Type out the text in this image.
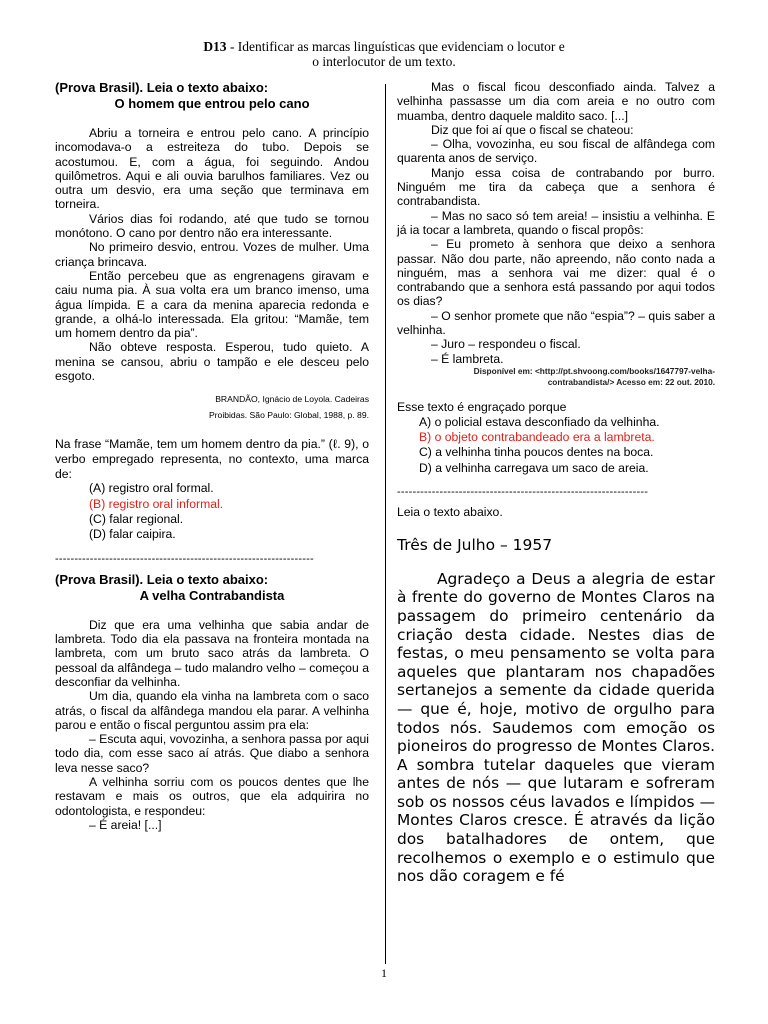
D13 - Identificar as marcas linguísticas que evidenciam o locutor e
o interlocutor de um texto.
(Prova Brasil). Leia o texto abaixo:
O homem que entrou pelo cano

Abriu a torneira e entrou pelo cano. A princípio incomodava-o a estreiteza do tubo. Depois se acostumou. E, com a água, foi seguindo. Andou quilômetros. Aqui e ali ouvia barulhos familiares. Vez ou outra um desvio, era uma seção que terminava em torneira.

Vários dias foi rodando, até que tudo se tornou monótono. O cano por dentro não era interessante.

No primeiro desvio, entrou. Vozes de mulher. Uma criança brincava.

Então percebeu que as engrenagens giravam e caiu numa pia. À sua volta era um branco imenso, uma água límpida. E a cara da menina aparecia redonda e grande, a olhá-lo interessada. Ela gritou: “Mamãe, tem um homem dentro da pia”.

Não obteve resposta. Esperou, tudo quieto. A menina se cansou, abriu o tampão e ele desceu pelo esgoto.

BRANDÃO, Ignácio de Loyola. Cadeiras
Proibidas. São Paulo: Global, 1988, p. 89.
Na frase “Mamãe, tem um homem dentro da pia.” (ℓ. 9), o verbo empregado representa, no contexto, uma marca de:
(A) registro oral formal.
(B) registro oral informal.
(C) falar regional.
(D) falar caipira.
-------------------------------------------------------------------
(Prova Brasil). Leia o texto abaixo:
A velha Contrabandista

Diz que era uma velhinha que sabia andar de lambreta. Todo dia ela passava na fronteira montada na lambreta, com um bruto saco atrás da lambreta. O pessoal da alfândega – tudo malandro velho – começou a desconfiar da velhinha.

Um dia, quando ela vinha na lambreta com o saco atrás, o fiscal da alfândega mandou ela parar. A velhinha parou e então o fiscal perguntou assim pra ela:

– Escuta aqui, vovozinha, a senhora passa por aqui todo dia, com esse saco aí atrás. Que diabo a senhora leva nesse saco?

A velhinha sorriu com os poucos dentes que lhe restavam e mais os outros, que ela adquirira no odontologista, e respondeu:

– É areia! [...]

Mas o fiscal ficou desconfiado ainda. Talvez a velhinha passasse um dia com areia e no outro com muamba, dentro daquele maldito saco. [...]

Diz que foi aí que o fiscal se chateou:

– Olha, vovozinha, eu sou fiscal de alfândega com quarenta anos de serviço.

Manjo essa coisa de contrabando por burro. Ninguém me tira da cabeça que a senhora é contrabandista.

– Mas no saco só tem areia! – insistiu a velhinha. E já ia tocar a lambreta, quando o fiscal propôs:

– Eu prometo à senhora que deixo a senhora passar. Não dou parte, não apreendo, não conto nada a ninguém, mas a senhora vai me dizer: qual é o contrabando que a senhora está passando por aqui todos os dias?

– O senhor promete que não “espia”? – quis saber a velhinha.

– Juro – respondeu o fiscal.

– É lambreta.

Disponível em: <http://pt.shvoong.com/books/1647797-velha-
contrabandista/> Acesso em: 22 out. 2010.
Esse texto é engraçado porque
A) o policial estava desconfiado da velhinha.
B) o objeto contrabandeado era a lambreta.
C) a velhinha tinha poucos dentes na boca.
D) a velhinha carregava um saco de areia.
-----------------------------------------------------------------
Leia o texto abaixo.
Três de Julho – 1957

Agradeço a Deus a alegria de estar à frente do governo de Montes Claros na passagem do primeiro centenário da criação desta cidade. Nestes dias de festas, o meu pensamento se volta para aqueles que plantaram nos chapadões sertanejos a semente da cidade querida — que é, hoje, motivo de orgulho para todos nós. Saudemos com emoção os pioneiros do progresso de Montes Claros. A sombra tutelar daqueles que vieram antes de nós — que lutaram e sofreram sob os nossos céus lavados e límpidos — Montes Claros cresce. É através da lição dos batalhadores de ontem, que recolhemos o exemplo e o estimulo que nos dão coragem e fé

1
